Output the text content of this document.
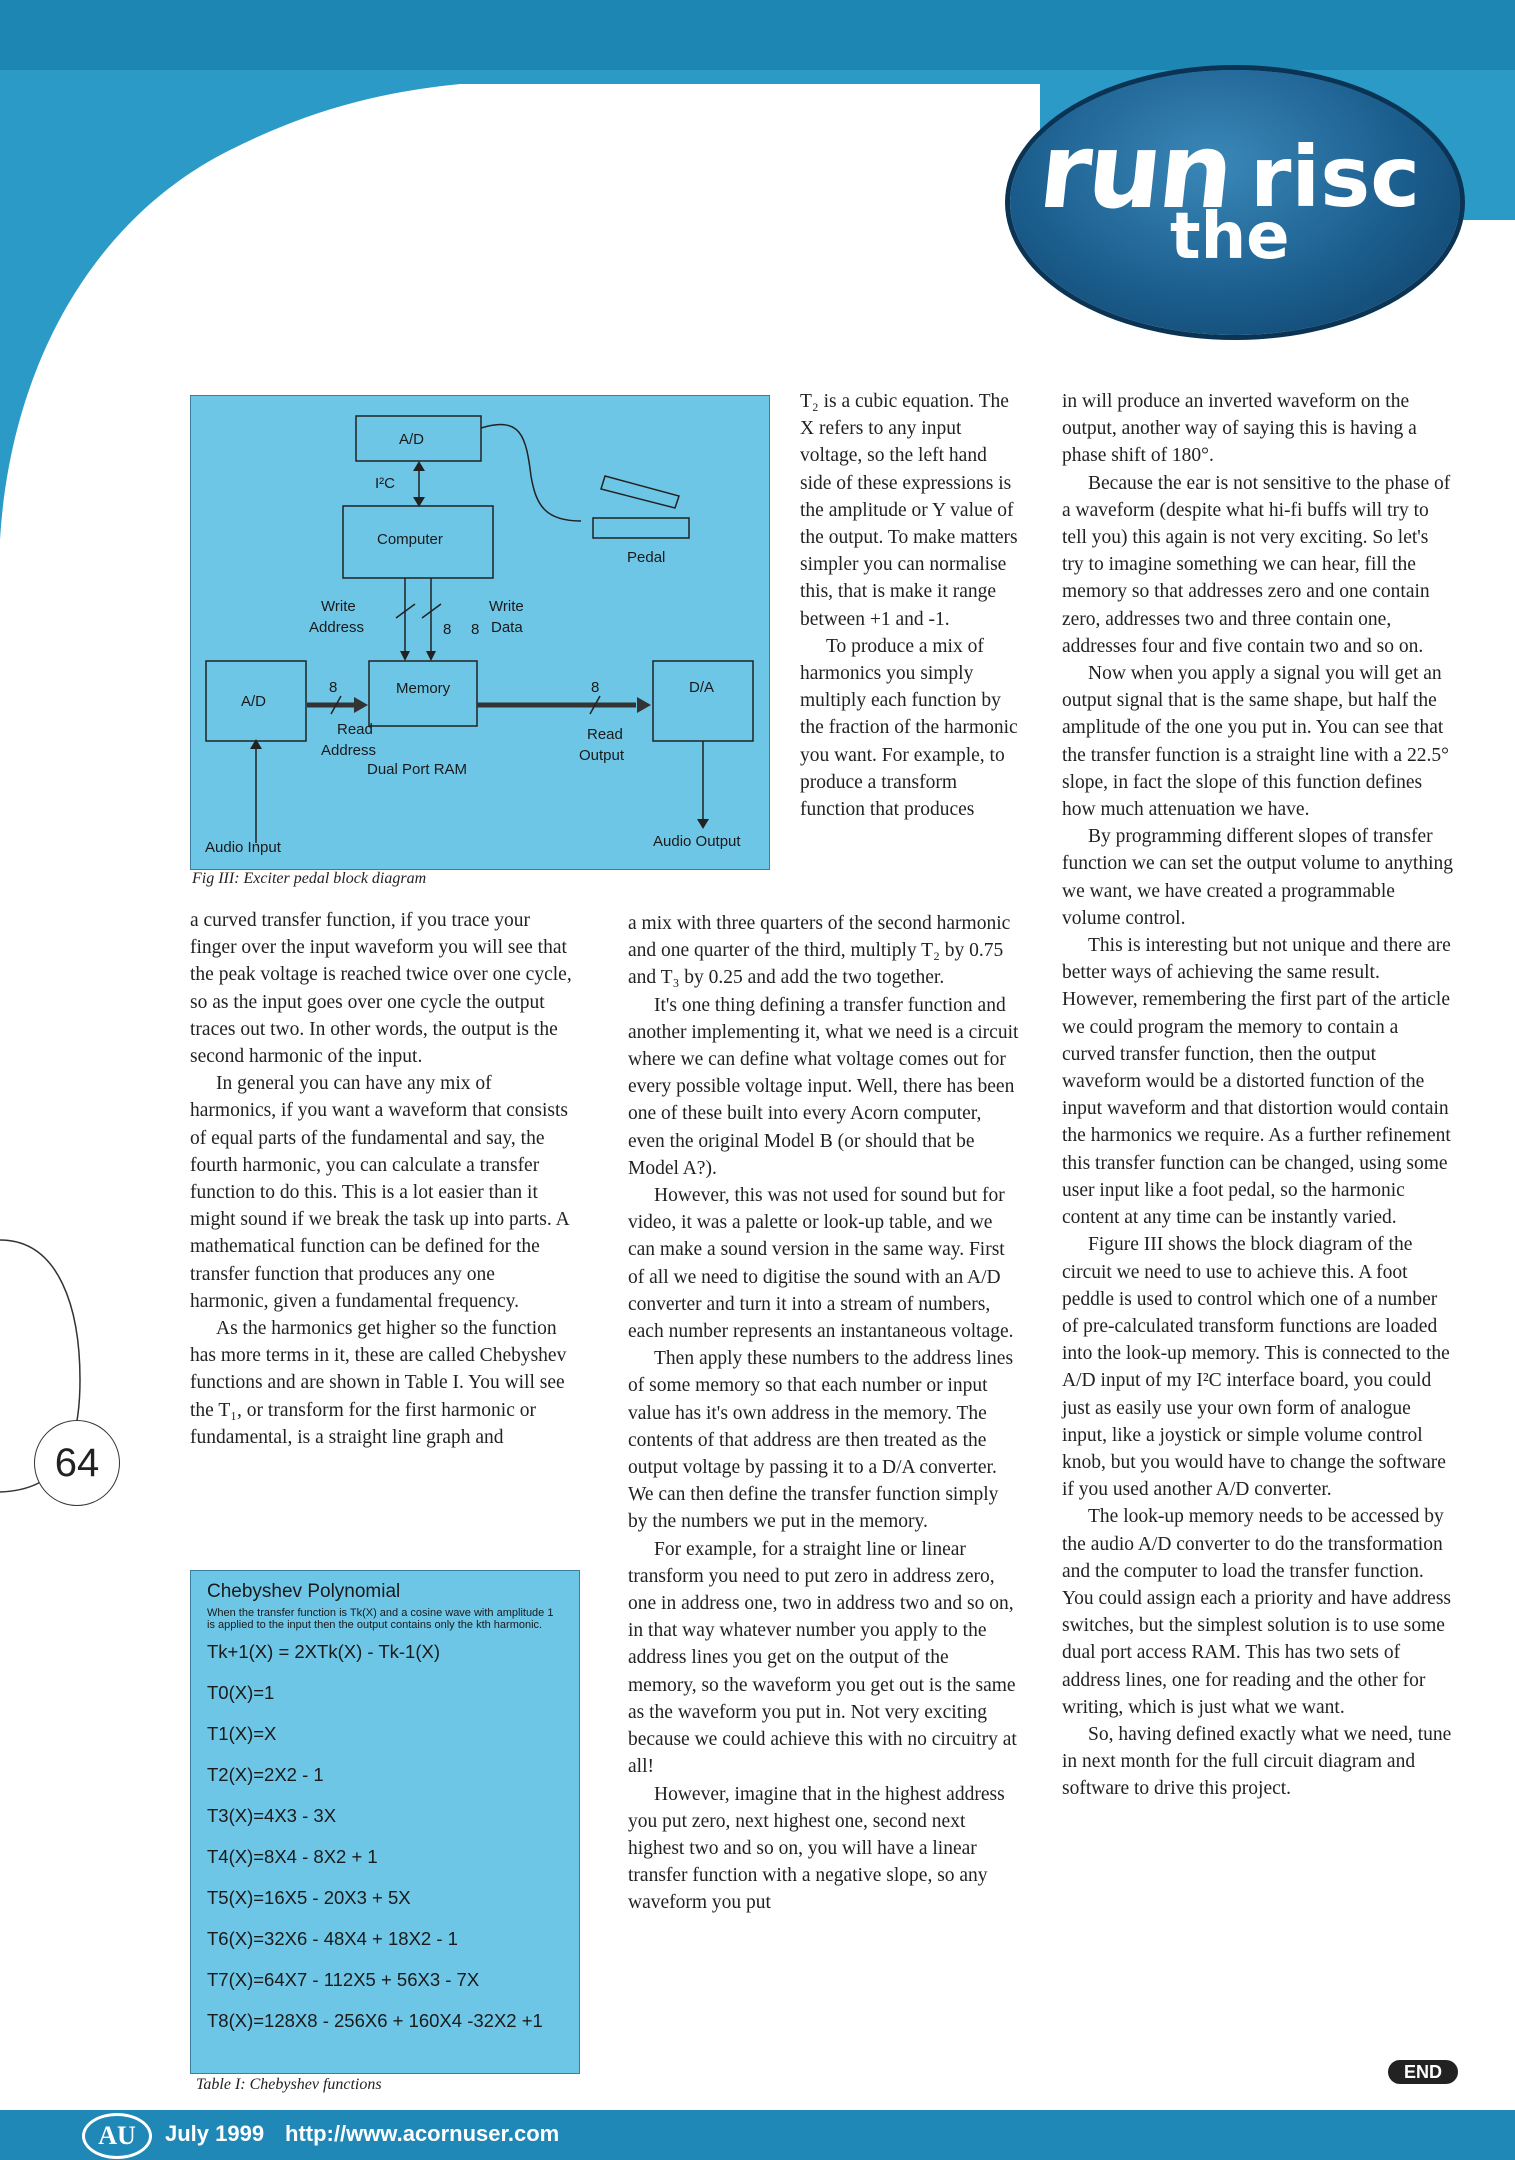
run
the
risc
A/D
I²C
Computer
Pedal
Write Address	8 8
Write Data
A/D
Memory	D/A
8	8
Read Address
Dual Port RAM
Read Output
Audio Input	Audio Output
Fig III: Exciter pedal block diagram

T₂ is a cubic equation. The X refers to any input voltage, so the left hand side of these expressions is the amplitude or Y value of the output. To make matters simpler you can normalise this, that is make it range between +1 and -1.

To produce a mix of harmonics you simply multiply each function by the fraction of the harmonic you want. For example, to produce a transform function that produces

a curved transfer function, if you trace your finger over the input waveform you will see that the peak voltage is reached twice over one cycle, so as the input goes over one cycle the output traces out two. In other words, the output is the second harmonic of the input.

In general you can have any mix of harmonics, if you want a waveform that consists of equal parts of the fundamental and say, the fourth harmonic, you can calculate a transfer function to do this. This is a lot easier than it might sound if we break the task up into parts. A mathematical function can be defined for the transfer function that produces any one harmonic, given a fundamental frequency.

As the harmonics get higher so the function has more terms in it, these are called Chebyshev functions and are shown in Table I. You will see the T₁, or transform for the first harmonic or fundamental, is a straight line graph and

a mix with three quarters of the second harmonic and one quarter of the third, multiply T₂ by 0.75 and T₃ by 0.25 and add the two together.

It's one thing defining a transfer function and another implementing it, what we need is a circuit where we can define what voltage comes out for every possible voltage input. Well, there has been one of these built into every Acorn computer, even the original Model B (or should that be Model A?).

However, this was not used for sound but for video, it was a palette or look-up table, and we can make a sound version in the same way. First of all we need to digitise the sound with an A/D converter and turn it into a stream of numbers, each number represents an instantaneous voltage.

Then apply these numbers to the address lines of some memory so that each number or input value has it's own address in the memory. The contents of that address are then treated as the output voltage by passing it to a D/A converter. We can then define the transfer function simply by the numbers we put in the memory.

For example, for a straight line or linear transform you need to put zero in address zero, one in address one, two in address two and so on, in that way whatever number you apply to the address lines you get on the output of the memory, so the waveform you get out is the same as the waveform you put in. Not very exciting because we could achieve this with no circuitry at all!

However, imagine that in the highest address you put zero, next highest one, second next highest two and so on, you will have a linear transfer function with a negative slope, so any waveform you put

in will produce an inverted waveform on the output, another way of saying this is having a phase shift of 180°.

Because the ear is not sensitive to the phase of a waveform (despite what hi-fi buffs will try to tell you) this again is not very exciting. So let's try to imagine something we can hear, fill the memory so that addresses zero and one contain zero, addresses two and three contain one, addresses four and five contain two and so on.

Now when you apply a signal you will get an output signal that is the same shape, but half the amplitude of the one you put in. You can see that the transfer function is a straight line with a 22.5° slope, in fact the slope of this function defines how much attenuation we have.

By programming different slopes of transfer function we can set the output volume to anything we want, we have created a programmable volume control.

This is interesting but not unique and there are better ways of achieving the same result. However, remembering the first part of the article we could program the memory to contain a curved transfer function, then the output waveform would be a distorted function of the input waveform and that distortion would contain the harmonics we require. As a further refinement this transfer function can be changed, using some user input like a foot pedal, so the harmonic content at any time can be instantly varied.

Figure III shows the block diagram of the circuit we need to use to achieve this. A foot peddle is used to control which one of a number of pre-calculated transform functions are loaded into the look-up memory. This is connected to the A/D input of my I²C interface board, you could just as easily use your own form of analogue input, like a joystick or simple volume control knob, but you would have to change the software if you used another A/D converter.

The look-up memory needs to be accessed by the audio A/D converter to do the transformation and the computer to load the transfer function. You could assign each a priority and have address switches, but the simplest solution is to use some dual port access RAM. This has two sets of address lines, one for reading and the other for writing, which is just what we want.

So, having defined exactly what we need, tune in next month for the full circuit diagram and software to drive this project.

Chebyshev Polynomial
When the transfer function is Tk(X) and a cosine wave with amplitude 1 is applied to the input then the output contains only the kth harmonic.
Tk+1(X) = 2XTk(X) - Tk-1(X)
T0(X)=1
T1(X)=X
T2(X)=2X2 - 1
T3(X)=4X3 - 3X
T4(X)=8X4 - 8X2 + 1
T5(X)=16X5 - 20X3 + 5X
T6(X)=32X6 - 48X4 + 18X2 - 1
T7(X)=64X7 - 112X5 + 56X3 - 7X
T8(X)=128X8 - 256X6 + 160X4 -32X2 +1
Table I: Chebyshev functions
64
END
AU	July 1999 http://www.acornuser.com
